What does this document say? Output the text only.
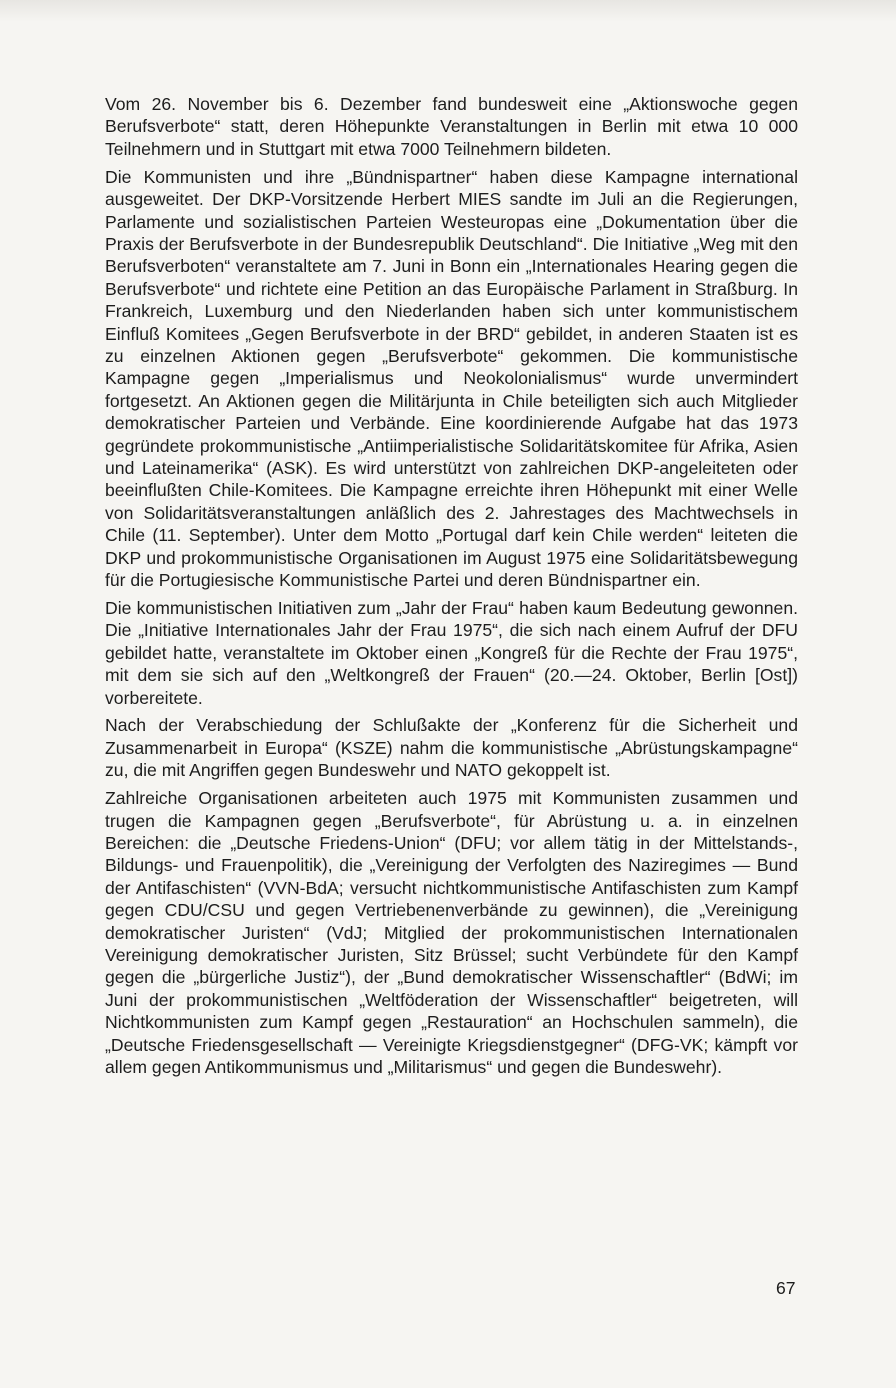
Vom 26. November bis 6. Dezember fand bundesweit eine „Aktionswoche gegen Berufsverbote“ statt, deren Höhepunkte Veranstaltungen in Berlin mit etwa 10 000 Teilnehmern und in Stuttgart mit etwa 7000 Teilnehmern bildeten.

Die Kommunisten und ihre „Bündnispartner“ haben diese Kampagne international ausgeweitet. Der DKP-Vorsitzende Herbert MIES sandte im Juli an die Regierungen, Parlamente und sozialistischen Parteien Westeuropas eine „Dokumentation über die Praxis der Berufsverbote in der Bundesrepublik Deutschland“. Die Initiative „Weg mit den Berufsverboten“ veranstaltete am 7. Juni in Bonn ein „Internationales Hearing gegen die Berufsverbote“ und richtete eine Petition an das Europäische Parlament in Straßburg. In Frankreich, Luxemburg und den Niederlanden haben sich unter kommunistischem Einfluß Komitees „Gegen Berufsverbote in der BRD“ gebildet, in anderen Staaten ist es zu einzelnen Aktionen gegen „Berufsverbote“ gekommen. Die kommunistische Kampagne gegen „Imperialismus und Neokolonialismus“ wurde unvermindert fortgesetzt. An Aktionen gegen die Militärjunta in Chile beteiligten sich auch Mitglieder demokratischer Parteien und Verbände. Eine koordinierende Aufgabe hat das 1973 gegründete prokommunistische „Antiimperialistische Solidaritätskomitee für Afrika, Asien und Lateinamerika“ (ASK). Es wird unterstützt von zahlreichen DKP-angeleiteten oder beeinflußten Chile-Komitees. Die Kampagne erreichte ihren Höhepunkt mit einer Welle von Solidaritätsveranstaltungen anläßlich des 2. Jahrestages des Machtwechsels in Chile (11. September). Unter dem Motto „Portugal darf kein Chile werden“ leiteten die DKP und prokommunistische Organisationen im August 1975 eine Solidaritätsbewegung für die Portugiesische Kommunistische Partei und deren Bündnispartner ein.

Die kommunistischen Initiativen zum „Jahr der Frau“ haben kaum Bedeutung gewonnen. Die „Initiative Internationales Jahr der Frau 1975“, die sich nach einem Aufruf der DFU gebildet hatte, veranstaltete im Oktober einen „Kongreß für die Rechte der Frau 1975“, mit dem sie sich auf den „Weltkongreß der Frauen“ (20.—24. Oktober, Berlin [Ost]) vorbereitete.

Nach der Verabschiedung der Schlußakte der „Konferenz für die Sicherheit und Zusammenarbeit in Europa“ (KSZE) nahm die kommunistische „Abrüstungskampagne“ zu, die mit Angriffen gegen Bundeswehr und NATO gekoppelt ist.

Zahlreiche Organisationen arbeiteten auch 1975 mit Kommunisten zusammen und trugen die Kampagnen gegen „Berufsverbote“, für Abrüstung u. a. in einzelnen Bereichen: die „Deutsche Friedens-Union“ (DFU; vor allem tätig in der Mittelstands-, Bildungs- und Frauenpolitik), die „Vereinigung der Verfolgten des Naziregimes — Bund der Antifaschisten“ (VVN-BdA; versucht nichtkommunistische Antifaschisten zum Kampf gegen CDU/CSU und gegen Vertriebenenverbände zu gewinnen), die „Vereinigung demokratischer Juristen“ (VdJ; Mitglied der prokommunistischen Internationalen Vereinigung demokratischer Juristen, Sitz Brüssel; sucht Verbündete für den Kampf gegen die „bürgerliche Justiz“), der „Bund demokratischer Wissenschaftler“ (BdWi; im Juni der prokommunistischen „Weltföderation der Wissenschaftler“ beigetreten, will Nichtkommunisten zum Kampf gegen „Restauration“ an Hochschulen sammeln), die „Deutsche Friedensgesellschaft — Vereinigte Kriegsdienstgegner“ (DFG-VK; kämpft vor allem gegen Antikommunismus und „Militarismus“ und gegen die Bundeswehr).

67
